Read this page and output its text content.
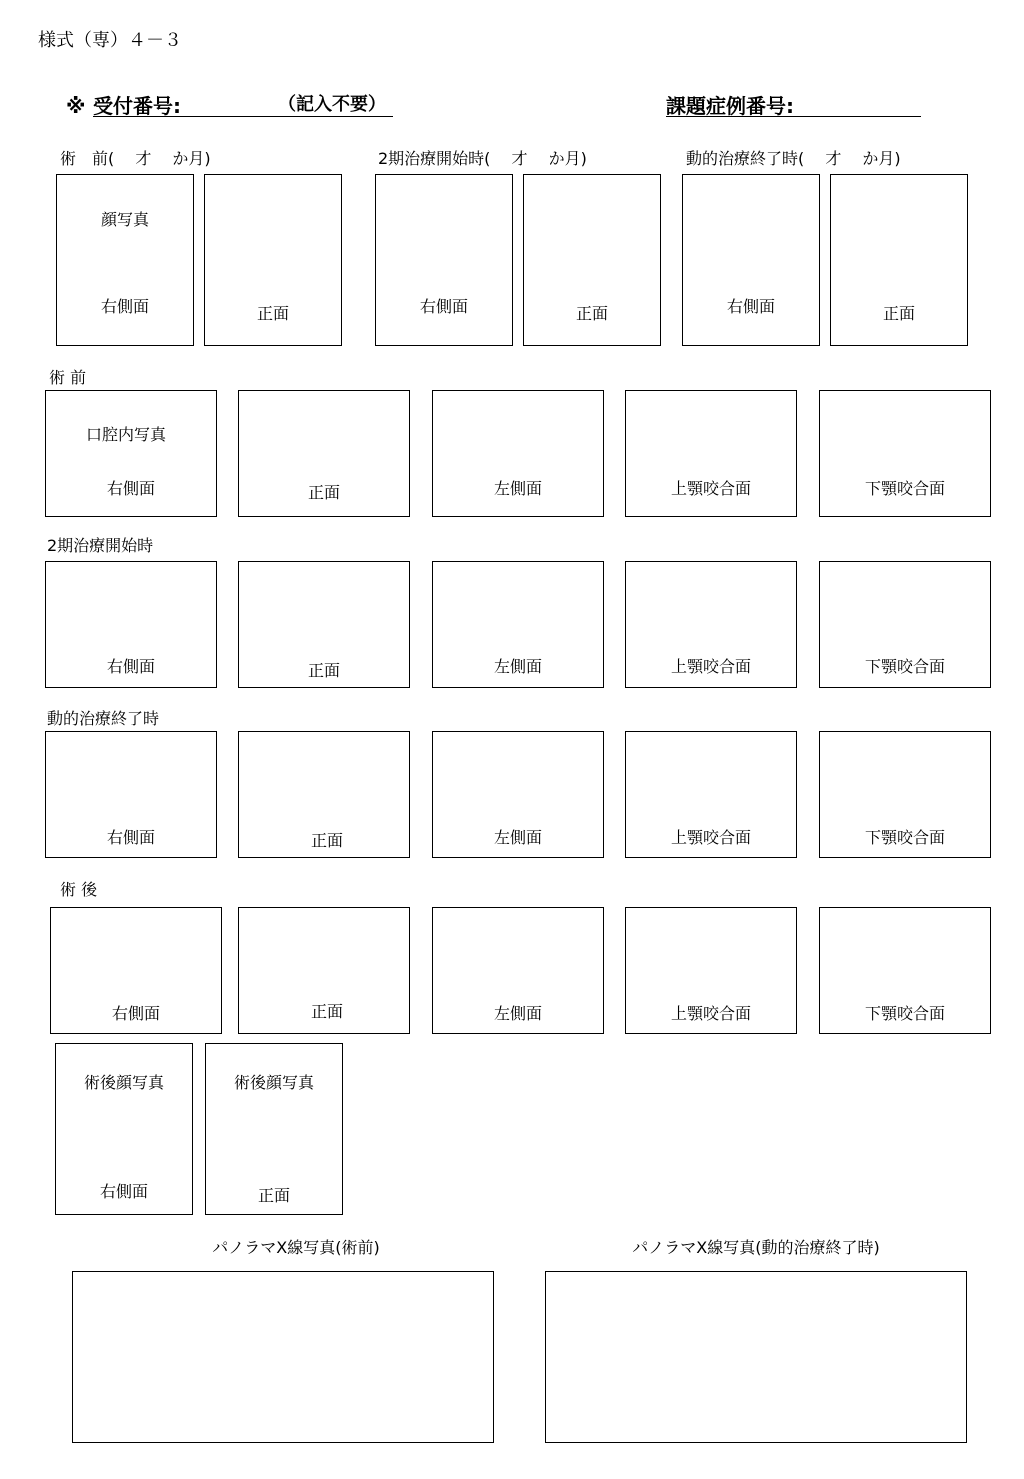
様式（専）４－３
※ 受付番号:	（記入不要）	課題症例番号:
術　前(　 才　 か月)	2期治療開始時(　 才　 か月)	動的治療終了時(　 才　 か月)
顔写真
右側面	正面	右側面	正面	右側面	正面
術 前
口腔内写真
右側面	正面	左側面	上顎咬合面	下顎咬合面
2期治療開始時
右側面	正面	左側面	上顎咬合面	下顎咬合面
動的治療終了時
右側面	正面	左側面	上顎咬合面	下顎咬合面
術 後
右側面	正面	左側面	上顎咬合面	下顎咬合面
術後顔写真
右側面
術後顔写真
正面
パノラマX線写真(術前)	パノラマX線写真(動的治療終了時)
